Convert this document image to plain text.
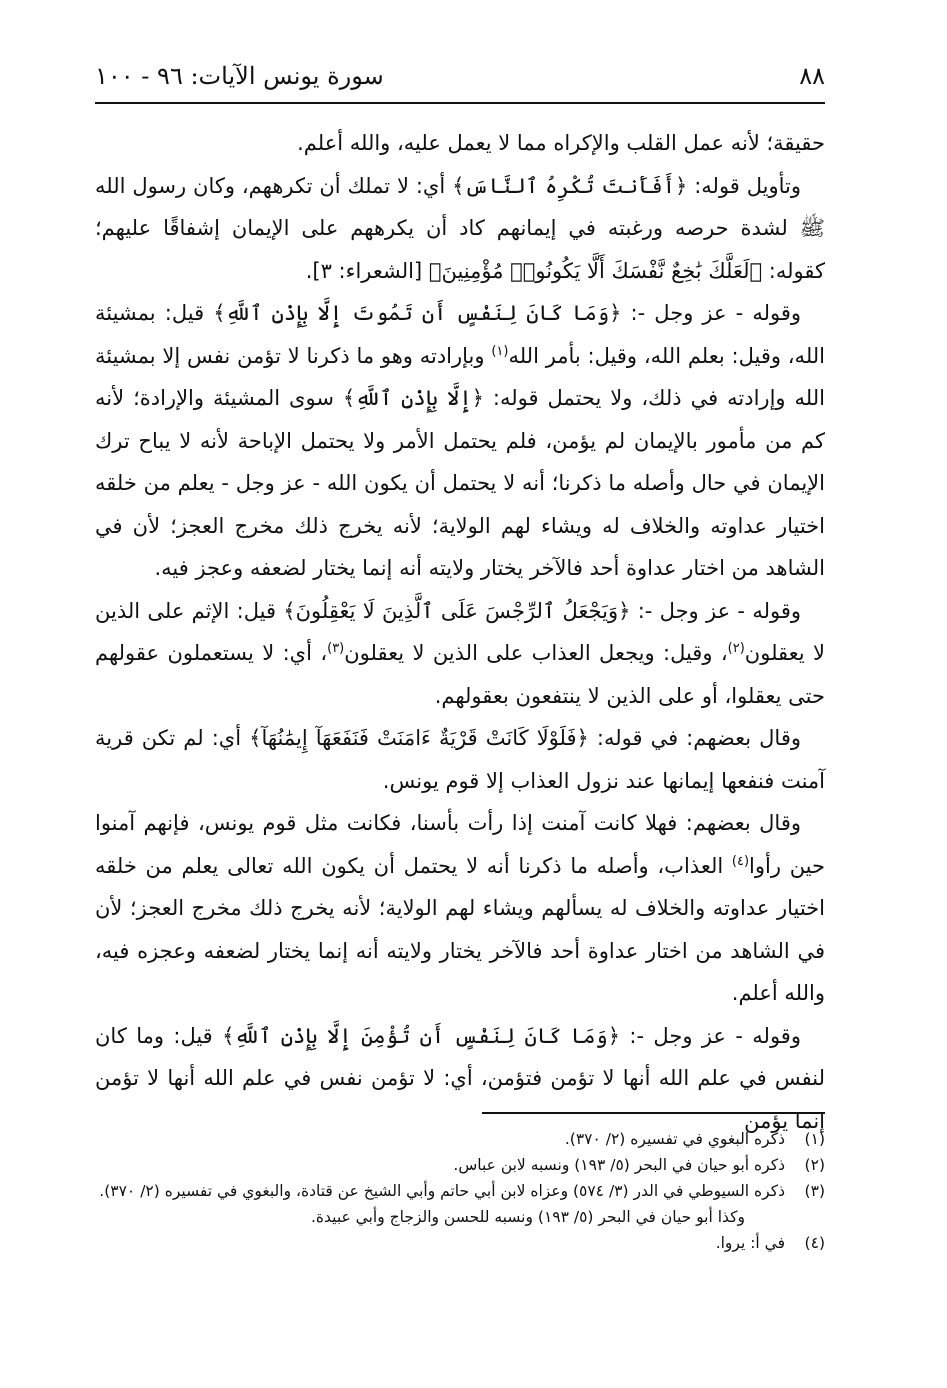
٨٨
سورة يونس الآيات: ٩٦ - ١٠٠

حقيقة؛ لأنه عمل القلب والإكراه مما لا يعمل عليه، والله أعلم.

وتأويل قوله: ﴿أَفَأَنتَ تُكْرِهُ ٱلنَّاسَ﴾ أي: لا تملك أن تكرههم، وكان رسول الله ﷺ لشدة حرصه ورغبته في إيمانهم كاد أن يكرههم على الإيمان إشفاقًا عليهم؛ كقوله: ﴿لَعَلَّكَ بَٰخِعٌ نَّفْسَكَ أَلَّا يَكُونُوا۟ مُؤْمِنِينَ﴾ [الشعراء: ٣].

وقوله - عز وجل -: ﴿وَمَا كَانَ لِنَفْسٍ أَن تَمُوتَ إِلَّا بِإِذْنِ ٱللَّهِ﴾ قيل: بمشيئة الله، وقيل: بعلم الله، وقيل: بأمر الله$^{(١)}$ وبإرادته وهو ما ذكرنا لا تؤمن نفس إلا بمشيئة الله وإرادته في ذلك، ولا يحتمل قوله: ﴿إِلَّا بِإِذْنِ ٱللَّهِ﴾ سوى المشيئة والإرادة؛ لأنه كم من مأمور بالإيمان لم يؤمن، فلم يحتمل الأمر ولا يحتمل الإباحة لأنه لا يباح ترك الإيمان في حال وأصله ما ذكرنا؛ أنه لا يحتمل أن يكون الله - عز وجل - يعلم من خلقه اختيار عداوته والخلاف له ويشاء لهم الولاية؛ لأنه يخرج ذلك مخرج العجز؛ لأن في الشاهد من اختار عداوة أحد فالآخر يختار ولايته أنه إنما يختار لضعفه وعجز فيه.

وقوله - عز وجل -: ﴿وَيَجْعَلُ ٱلرِّجْسَ عَلَى ٱلَّذِينَ لَا يَعْقِلُونَ﴾ قيل: الإثم على الذين لا يعقلون$^{(٢)}$، وقيل: ويجعل العذاب على الذين لا يعقلون$^{(٣)}$، أي: لا يستعملون عقولهم حتى يعقلوا، أو على الذين لا ينتفعون بعقولهم.

وقال بعضهم: في قوله: ﴿فَلَوْلَا كَانَتْ قَرْيَةٌ ءَامَنَتْ فَنَفَعَهَآ إِيمَٰنُهَآ﴾ أي: لم تكن قرية آمنت فنفعها إيمانها عند نزول العذاب إلا قوم يونس.

وقال بعضهم: فهلا كانت آمنت إذا رأت بأسنا، فكانت مثل قوم يونس، فإنهم آمنوا حين رأوا$^{(٤)}$ العذاب، وأصله ما ذكرنا أنه لا يحتمل أن يكون الله تعالى يعلم من خلقه اختيار عداوته والخلاف له يسألهم ويشاء لهم الولاية؛ لأنه يخرج ذلك مخرج العجز؛ لأن في الشاهد من اختار عداوة أحد فالآخر يختار ولايته أنه إنما يختار لضعفه وعجزه فيه، والله أعلم.

وقوله - عز وجل -: ﴿وَمَا كَانَ لِنَفْسٍ أَن تُؤْمِنَ إِلَّا بِإِذْنِ ٱللَّهِ﴾ قيل: وما كان لنفس في علم الله أنها لا تؤمن فتؤمن، أي: لا تؤمن نفس في علم الله أنها لا تؤمن إنما يؤمن

(١)
ذكره البغوي في تفسيره (٢/ ٣٧٠).
(٢)
ذكره أبو حيان في البحر (٥/ ١٩٣) ونسبه لابن عباس.
(٣)
ذكره السيوطي في الدر (٣/ ٥٧٤) وعزاه لابن أبي حاتم وأبي الشيخ عن قتادة، والبغوي في تفسيره (٢/ ٣٧٠).
وكذا أبو حيان في البحر (٥/ ١٩٣) ونسبه للحسن والزجاج وأبي عبيدة.
(٤)
في أ: يروا.
